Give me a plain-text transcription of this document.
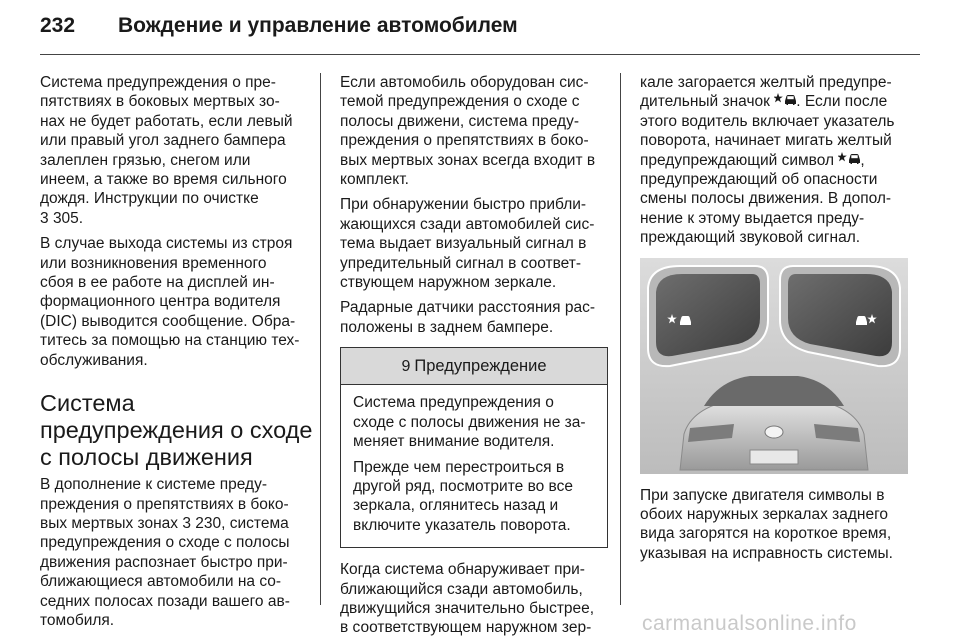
232 Вождение и управление автомобилем

Система предупреждения о пре-
пятствиях в боковых мертвых зо-
нах не будет работать, если левый
или правый угол заднего бампера
залеплен грязью, снегом или
инеем, а также во время сильного
дождя. Инструкции по очистке
3 305.

В случае выхода системы из строя
или возникновения временного
сбоя в ее работе на дисплей ин-
формационного центра водителя
(DIC) выводится сообщение. Обра-
титесь за помощью на станцию тех-
обслуживания.

Система
предупреждения о сходе
с полосы движения

В дополнение к системе преду-
преждения о препятствиях в боко-
вых мертвых зонах 3 230, система
предупреждения о сходе с полосы
движения распознает быстро при-
ближающиеся автомобили на со-
седних полосах позади вашего ав-
томобиля.

Если автомобиль оборудован сис-
темой предупреждения о сходе с
полосы движени, система преду-
преждения о препятствиях в боко-
вых мертвых зонах всегда входит в
комплект.

При обнаружении быстро прибли-
жающихся сзади автомобилей сис-
тема выдает визуальный сигнал в
упредительный сигнал в соответ-
ствующем наружном зеркале.

Радарные датчики расстояния рас-
положены в заднем бампере.

9 Предупреждение

Система предупреждения о
сходе с полосы движения не за-
меняет внимание водителя.

Прежде чем перестроиться в
другой ряд, посмотрите во все
зеркала, оглянитесь назад и
включите указатель поворота.

Когда система обнаруживает при-
ближающийся сзади автомобиль,
движущийся значительно быстрее,
в соответствующем наружном зер-

кале загорается желтый предупре-
дительный значок . Если после
этого водитель включает указатель
поворота, начинает мигать желтый
предупреждающий символ ,
предупреждающий об опасности
смены полосы движения. В допол-
нение к этому выдается преду-
преждающий звуковой сигнал.

При запуске двигателя символы в
обоих наружных зеркалах заднего
вида загорятся на короткое время,
указывая на исправность системы.

carmanualsonline.info
